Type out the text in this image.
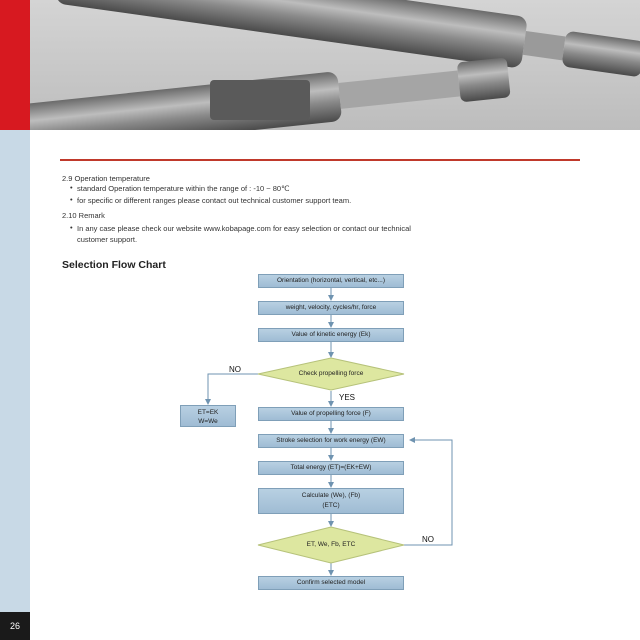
26
2.9 Operation temperature
• standard Operation temperature within the range of : -10 ~ 80℃
• for specific or different ranges please contact out technical customer support team.
2.10 Remark
• In any case please check our website www.kobapage.com for easy selection or contact our technical
customer support.
Selection Flow Chart
Orientation (horizontal, vertical, etc...)
weight, velocity, cycles/hr, force
Value of kinetic energy (Ek)
Check propelling force
NO
YES
ET=EK
W=We
Value of propelling force (F)
Stroke selection for work energy (EW)
Total energy (ET)=(EK+EW)
Calculate (We), (Fb)
(ETC)
ET, We, Fb, ETC
NO
Confirm selected model
